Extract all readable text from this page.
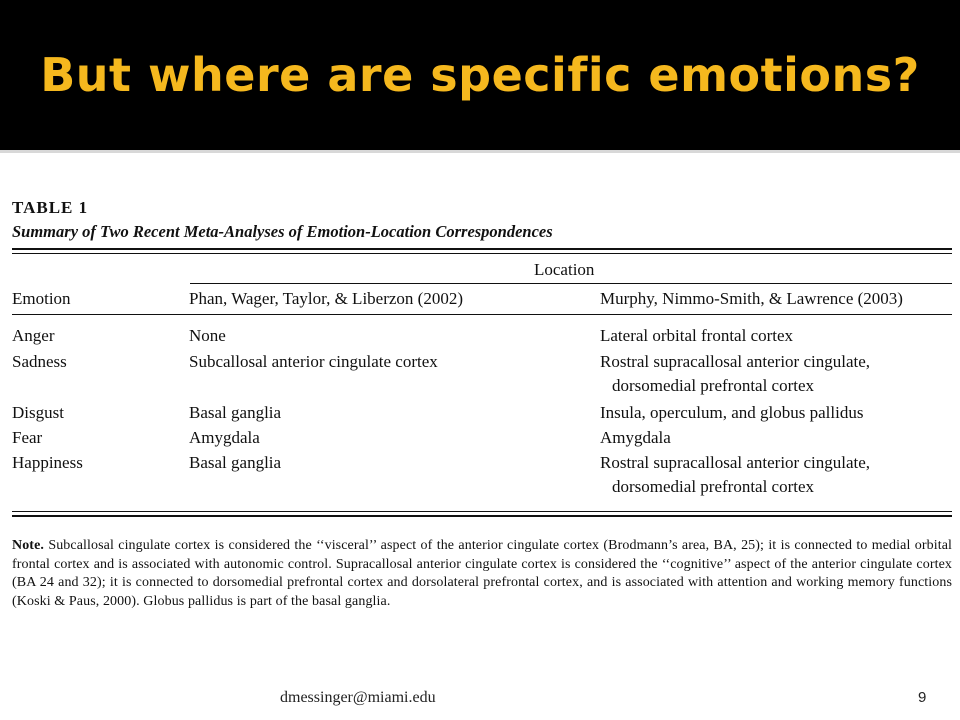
But where are specific emotions?
TABLE 1
Summary of Two Recent Meta-Analyses of Emotion-Location Correspondences
Location
Emotion	Phan, Wager, Taylor, & Liberzon (2002)	Murphy, Nimmo-Smith, & Lawrence (2003)
Anger	None	Lateral orbital frontal cortex
Sadness	Subcallosal anterior cingulate cortex	Rostral supracallosal anterior cingulate,
dorsomedial prefrontal cortex
Disgust	Basal ganglia	Insula, operculum, and globus pallidus
Fear	Amygdala	Amygdala
Happiness	Basal ganglia	Rostral supracallosal anterior cingulate,
dorsomedial prefrontal cortex
Note. Subcallosal cingulate cortex is considered the ‘‘visceral’’ aspect of the anterior cingulate cortex (Brodmann’s area, BA, 25); it is connected to medial orbital frontal cortex and is associated with autonomic control. Supracallosal anterior cingulate cortex is considered the ‘‘cognitive’’ aspect of the anterior cingulate cortex (BA 24 and 32); it is connected to dorsomedial prefrontal cortex and dorsolateral prefrontal cortex, and is associated with attention and working memory functions (Koski & Paus, 2000). Globus pallidus is part of the basal ganglia.
dmessinger@miami.edu	9
